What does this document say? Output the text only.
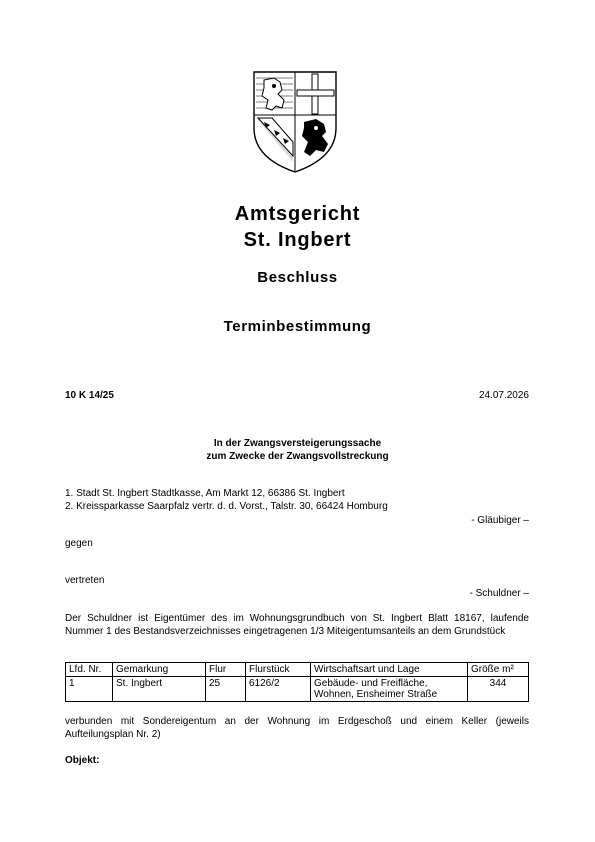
Amtsgericht
St. Ingbert
Beschluss
Terminbestimmung
10 K 14/25	24.07.2026
In der Zwangsversteigerungssache
zum Zwecke der Zwangsvollstreckung
1. Stadt St. Ingbert Stadtkasse, Am Markt 12, 66386 St. Ingbert
2. Kreissparkasse Saarpfalz vertr. d. d. Vorst., Talstr. 30, 66424 Homburg
- Gläubiger –
gegen
vertreten
- Schuldner –
Der Schuldner ist Eigentümer des im Wohnungsgrundbuch von St. Ingbert Blatt 18167, laufende Nummer 1 des Bestandsverzeichnisses eingetragenen 1/3 Miteigentumsanteils an dem Grundstück
Lfd. Nr.	Gemarkung	Flur	Flurstück	Wirtschaftsart und Lage	Größe m²
1	St. Ingbert	25	6126/2	Gebäude- und Freifläche, Wohnen, Ensheimer Straße	344
verbunden mit Sondereigentum an der Wohnung im Erdgeschoß und einem Keller (jeweils Aufteilungsplan Nr. 2)
Objekt:
